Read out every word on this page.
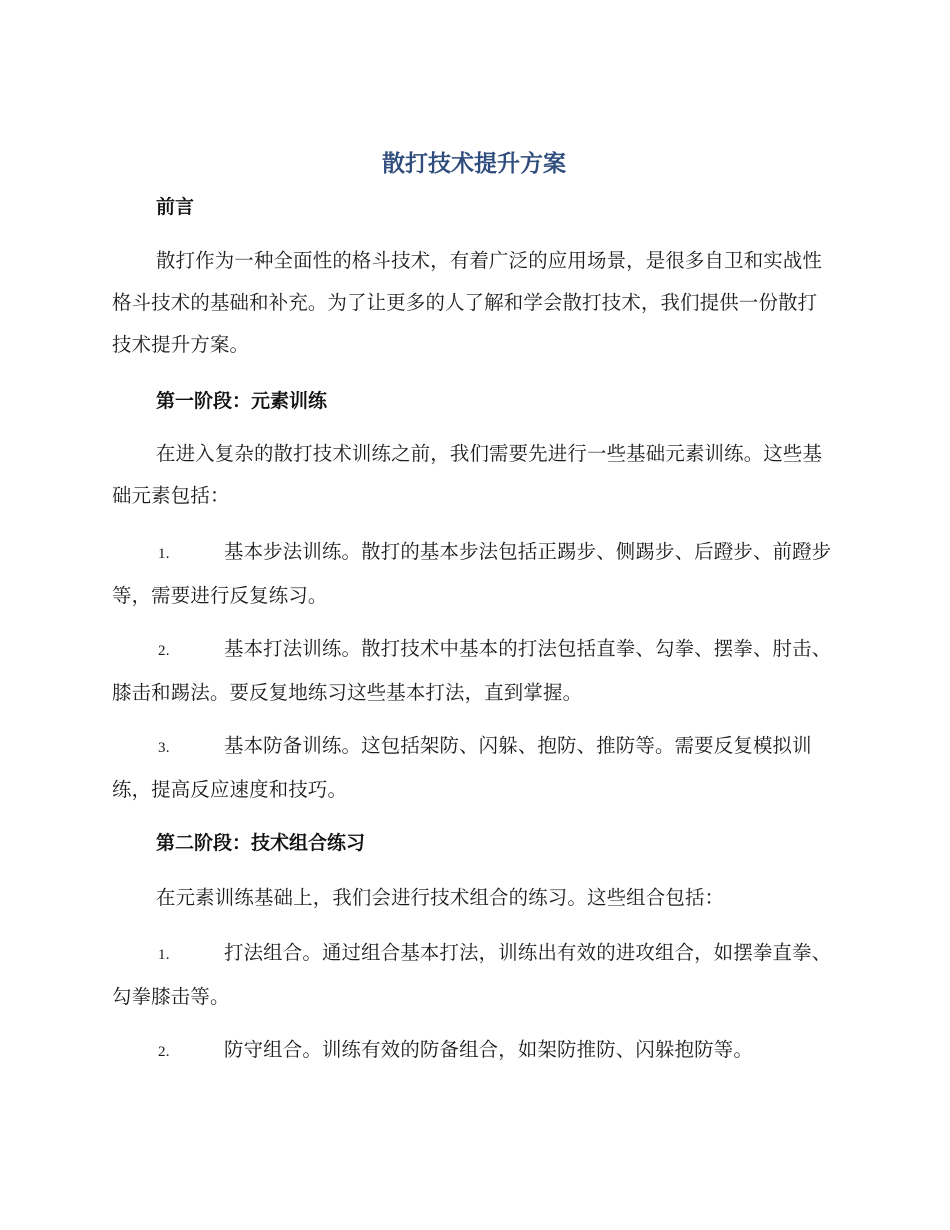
散打技术提升方案
前言
散打作为一种全面性的格斗技术，有着广泛的应用场景，是很多自卫和实战性格斗技术的基础和补充。为了让更多的人了解和学会散打技术，我们提供一份散打技术提升方案。
第一阶段：元素训练
在进入复杂的散打技术训练之前，我们需要先进行一些基础元素训练。这些基础元素包括：
1.	基本步法训练。散打的基本步法包括正踢步、侧踢步、后蹬步、前蹬步等，需要进行反复练习。
2.	基本打法训练。散打技术中基本的打法包括直拳、勾拳、摆拳、肘击、膝击和踢法。要反复地练习这些基本打法，直到掌握。
3.	基本防备训练。这包括架防、闪躲、抱防、推防等。需要反复模拟训练，提高反应速度和技巧。
第二阶段：技术组合练习
在元素训练基础上，我们会进行技术组合的练习。这些组合包括：
1.	打法组合。通过组合基本打法，训练出有效的进攻组合，如摆拳直拳、勾拳膝击等。
2.	防守组合。训练有效的防备组合，如架防推防、闪躲抱防等。
